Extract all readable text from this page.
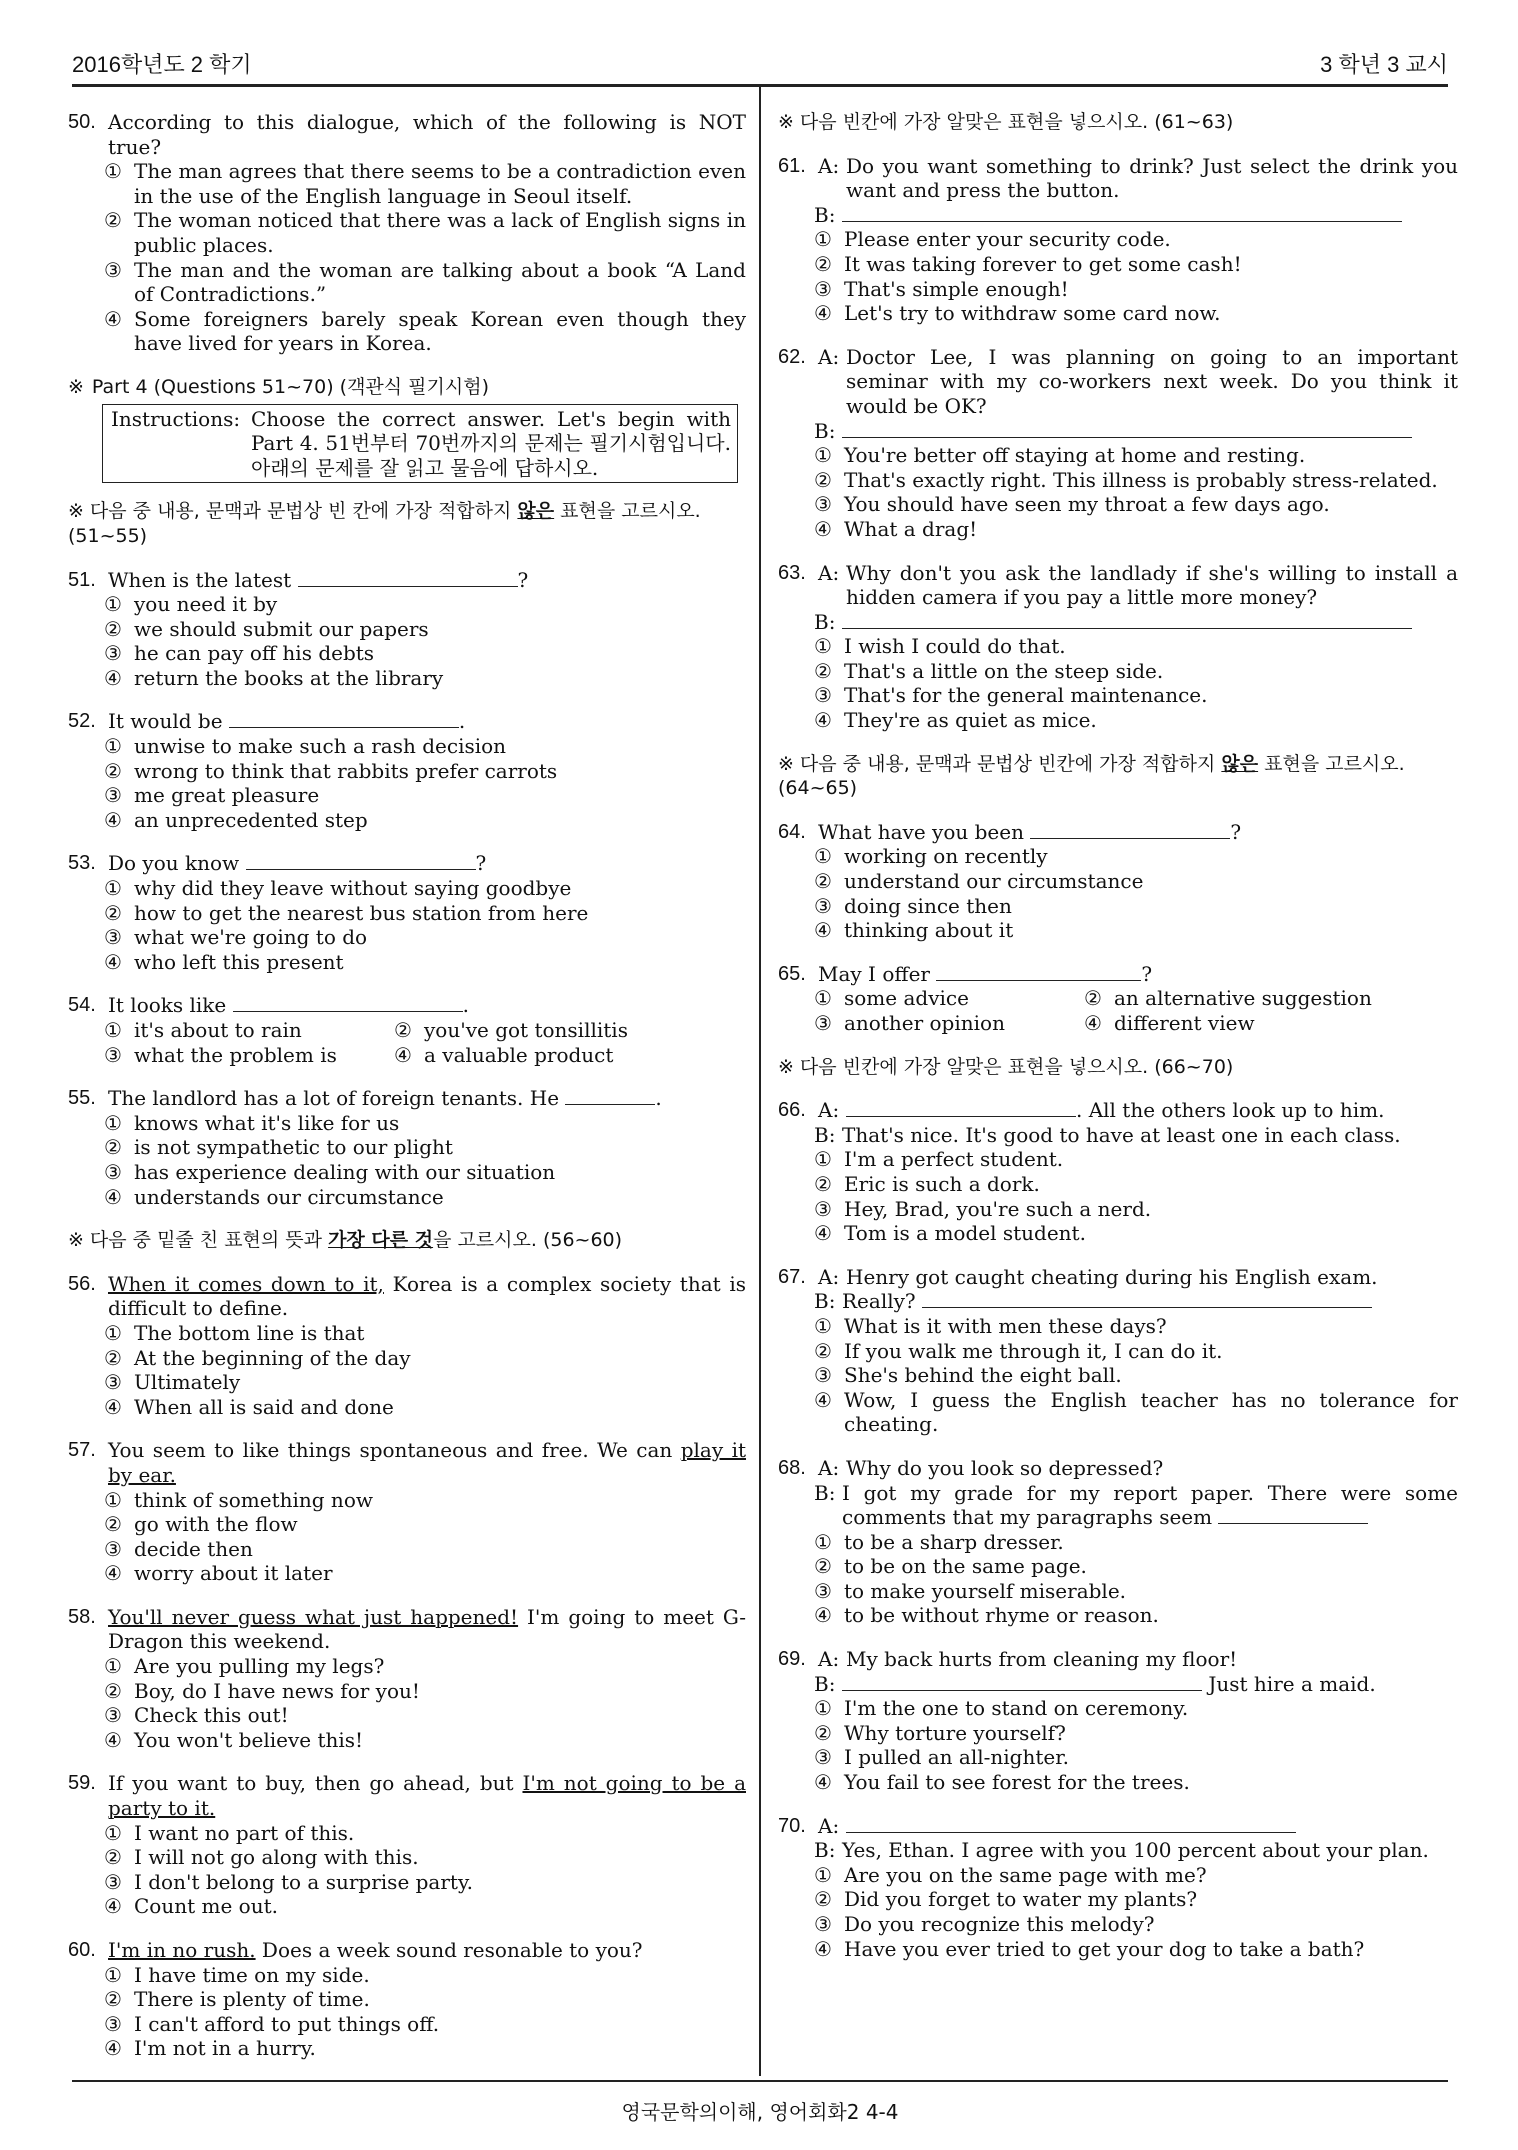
2016학년도 2 학기	3 학년 3 교시
50. According to this dialogue, which of the following is NOT true?
① The man agrees that there seems to be a contradiction even in the use of the English language in Seoul itself.
② The woman noticed that there was a lack of English signs in public places.
③ The man and the woman are talking about a book “A Land of Contradictions.”
④ Some foreigners barely speak Korean even though they have lived for years in Korea.
※ Part 4 (Questions 51~70) (객관식 필기시험)
Instructions: Choose the correct answer. Let's begin with Part 4. 51번부터 70번까지의 문제는 필기시험입니다. 아래의 문제를 잘 읽고 물음에 답하시오.
※ 다음 중 내용, 문맥과 문법상 빈 칸에 가장 적합하지 않은 표현을 고르시오. (51~55)
51. When is the latest	?
① you need it by
② we should submit our papers
③ he can pay off his debts
④ return the books at the library
52. It would be	.
① unwise to make such a rash decision
② wrong to think that rabbits prefer carrots
③ me great pleasure
④ an unprecedented step
53. Do you know	?
① why did they leave without saying goodbye
② how to get the nearest bus station from here
③ what we're going to do
④ who left this present
54. It looks like	.
① it's about to rain	② you've got tonsillitis
③ what the problem is	④ a valuable product
55. The landlord has a lot of foreign tenants. He	.
① knows what it's like for us
② is not sympathetic to our plight
③ has experience dealing with our situation
④ understands our circumstance
※ 다음 중 밑줄 친 표현의 뜻과 가장 다른 것을 고르시오. (56~60)
56. When it comes down to it, Korea is a complex society that is difficult to define.
① The bottom line is that
② At the beginning of the day
③ Ultimately
④ When all is said and done
57. You seem to like things spontaneous and free. We can play it by ear.
① think of something now
② go with the flow
③ decide then
④ worry about it later
58. You'll never guess what just happened! I'm going to meet G-Dragon this weekend.
① Are you pulling my legs?
② Boy, do I have news for you!
③ Check this out!
④ You won't believe this!
59. If you want to buy, then go ahead, but I'm not going to be a party to it.
① I want no part of this.
② I will not go along with this.
③ I don't belong to a surprise party.
④ Count me out.
60. I'm in no rush. Does a week sound resonable to you?
① I have time on my side.
② There is plenty of time.
③ I can't afford to put things off.
④ I'm not in a hurry.
※ 다음 빈칸에 가장 알맞은 표현을 넣으시오. (61~63)
61. A: Do you want something to drink? Just select the drink you want and press the button.
B:
① Please enter your security code.
② It was taking forever to get some cash!
③ That's simple enough!
④ Let's try to withdraw some card now.
62. A: Doctor Lee, I was planning on going to an important seminar with my co-workers next week. Do you think it would be OK?
B:
① You're better off staying at home and resting.
② That's exactly right. This illness is probably stress-related.
③ You should have seen my throat a few days ago.
④ What a drag!
63. A: Why don't you ask the landlady if she's willing to install a hidden camera if you pay a little more money?
B:
① I wish I could do that.
② That's a little on the steep side.
③ That's for the general maintenance.
④ They're as quiet as mice.
※ 다음 중 내용, 문맥과 문법상 빈칸에 가장 적합하지 않은 표현을 고르시오. (64~65)
64. What have you been	?
① working on recently
② understand our circumstance
③ doing since then
④ thinking about it
65. May I offer	?
① some advice	② an alternative suggestion
③ another opinion	④ different view
※ 다음 빈칸에 가장 알맞은 표현을 넣으시오. (66~70)
66. A:	. All the others look up to him.
B: That's nice. It's good to have at least one in each class.
① I'm a perfect student.
② Eric is such a dork.
③ Hey, Brad, you're such a nerd.
④ Tom is a model student.
67. A: Henry got caught cheating during his English exam.
B: Really?
① What is it with men these days?
② If you walk me through it, I can do it.
③ She's behind the eight ball.
④ Wow, I guess the English teacher has no tolerance for cheating.
68. A: Why do you look so depressed?
B: I got my grade for my report paper. There were some comments that my paragraphs seem
① to be a sharp dresser.
② to be on the same page.
③ to make yourself miserable.
④ to be without rhyme or reason.
69. A: My back hurts from cleaning my floor!
B:	Just hire a maid.
① I'm the one to stand on ceremony.
② Why torture yourself?
③ I pulled an all-nighter.
④ You fail to see forest for the trees.
70. A:
B: Yes, Ethan. I agree with you 100 percent about your plan.
① Are you on the same page with me?
② Did you forget to water my plants?
③ Do you recognize this melody?
④ Have you ever tried to get your dog to take a bath?
영국문학의이해, 영어회화2 4-4
